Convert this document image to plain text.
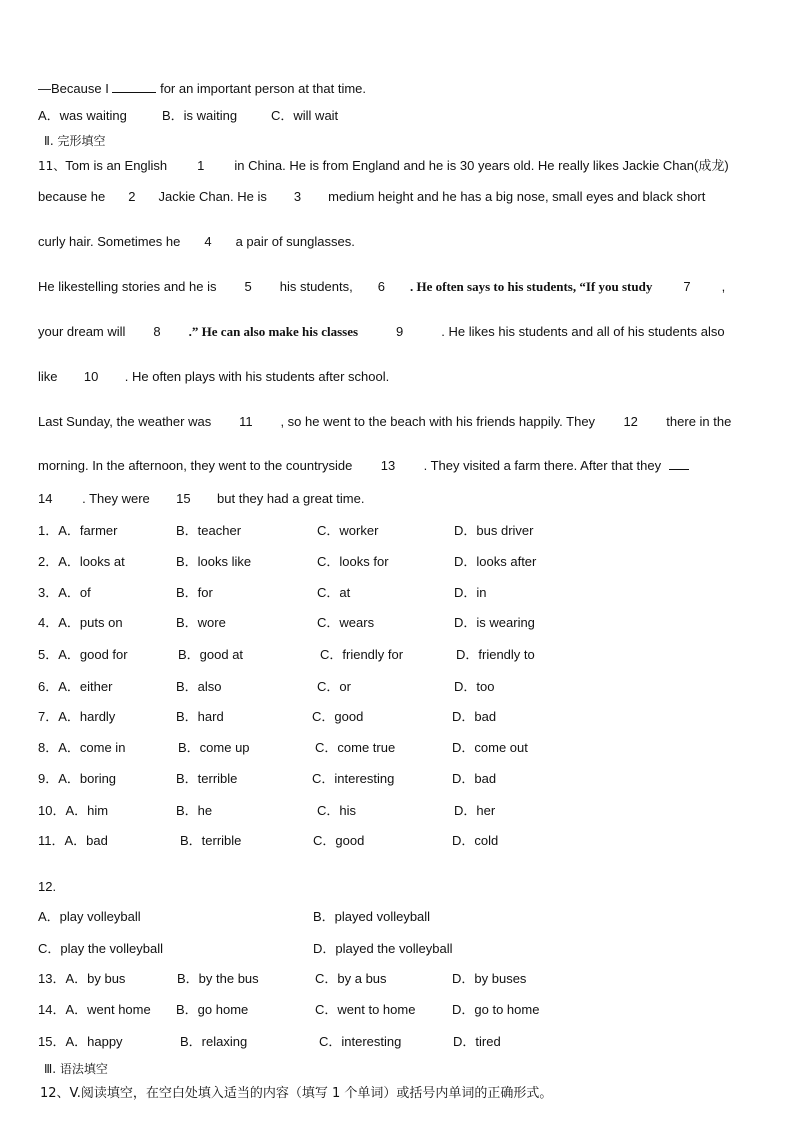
—Because I	for an important person at that time.
A．was waiting	B．is waiting	C．will wait
Ⅱ. 完形填空
11、Tom is an English 1 in China. He is from England and he is 30 years old. He really likes Jackie Chan(成龙)
because he 2 Jackie Chan. He is 3 medium height and he has a big nose, small eyes and black short
curly hair. Sometimes he 4 a pair of sunglasses.
He likestelling stories and he is 5 his students, 6 . He often says to his students, “If you study 7 ,
your dream will 8 .” He can also make his classes	9	. He likes his students and all of his students also
like 10 . He often plays with his students after school.
Last Sunday, the weather was 11 , so he went to the beach with his friends happily. They 12 there in the
morning. In the afternoon, they went to the countryside 13 . They visited a farm there. After that they
14 . They were 15 but they had a great time.
1．A．farmer	B．teacher	C．worker	D．bus driver
2．A．looks at	B．looks like	C．looks for	D．looks after
3．A．of	B．for	C．at	D．in
4．A．puts on	B．wore	C．wears	D．is wearing
5．A．good for	B．good at	C．friendly for	D．friendly to
6．A．either	B．also	C．or	D．too
7．A．hardly	B．hard	C．good	D．bad
8．A．come in	B．come up	C．come true	D．come out
9．A．boring	B．terrible	C．interesting	D．bad
10．A．him	B．he	C．his	D．her
11．A．bad	B．terrible	C．good	D．cold
12.
A．play volleyball	B．played volleyball
C．play the volleyball	D．played the volleyball
13．A．by bus	B．by the bus	C．by a bus	D．by buses
14．A．went home B．go home	C．went to home	D．go to home
15．A．happy	B．relaxing	C．interesting	D．tired
Ⅲ. 语法填空
12、V.阅读填空，在空白处填入适当的内容（填写 1 个单词）或括号内单词的正确形式。
